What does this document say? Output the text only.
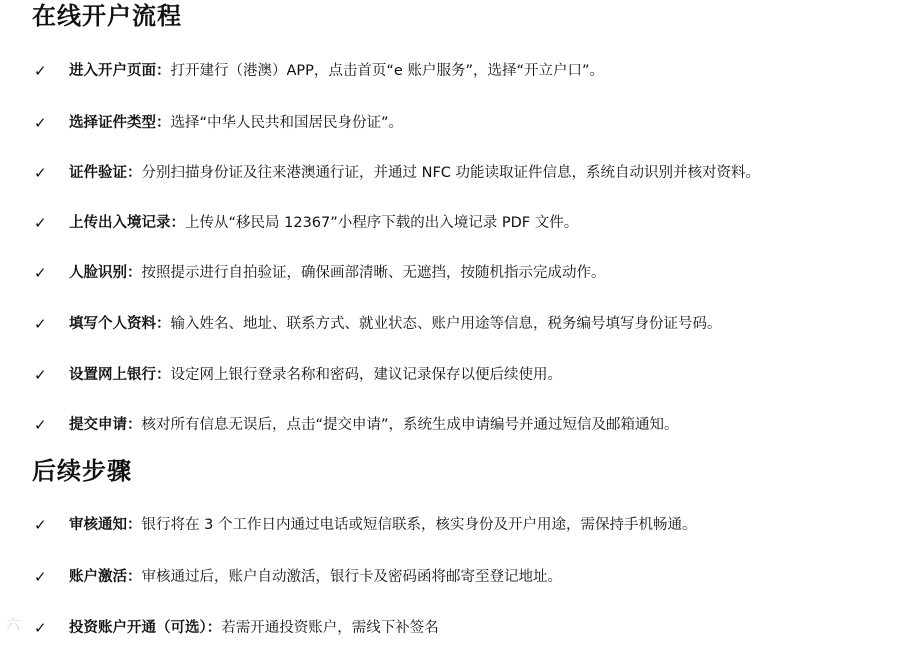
在线开户流程
✓ 进入开户页面：打开建行（港澳）APP，点击首页“e 账户服务”，选择“开立户口”。
✓ 选择证件类型：选择“中华人民共和国居民身份证”。
✓ 证件验证：分别扫描身份证及往来港澳通行证，并通过 NFC 功能读取证件信息，系统自动识别并核对资料。
✓ 上传出入境记录：上传从“移民局 12367”小程序下载的出入境记录 PDF 文件。
✓ 人脸识别：按照提示进行自拍验证，确保画部清晰、无遮挡，按随机指示完成动作。
✓ 填写个人资料：输入姓名、地址、联系方式、就业状态、账户用途等信息，税务编号填写身份证号码。
✓ 设置网上银行：设定网上银行登录名称和密码，建议记录保存以便后续使用。
✓ 提交申请：核对所有信息无误后，点击“提交申请”，系统生成申请编号并通过短信及邮箱通知。
后续步骤
✓ 审核通知：银行将在 3 个工作日内通过电话或短信联系，核实身份及开户用途，需保持手机畅通。
✓ 账户激活：审核通过后，账户自动激活，银行卡及密码函将邮寄至登记地址。
✓ 投资账户开通（可选）：若需开通投资账户，需线下补签名
六
